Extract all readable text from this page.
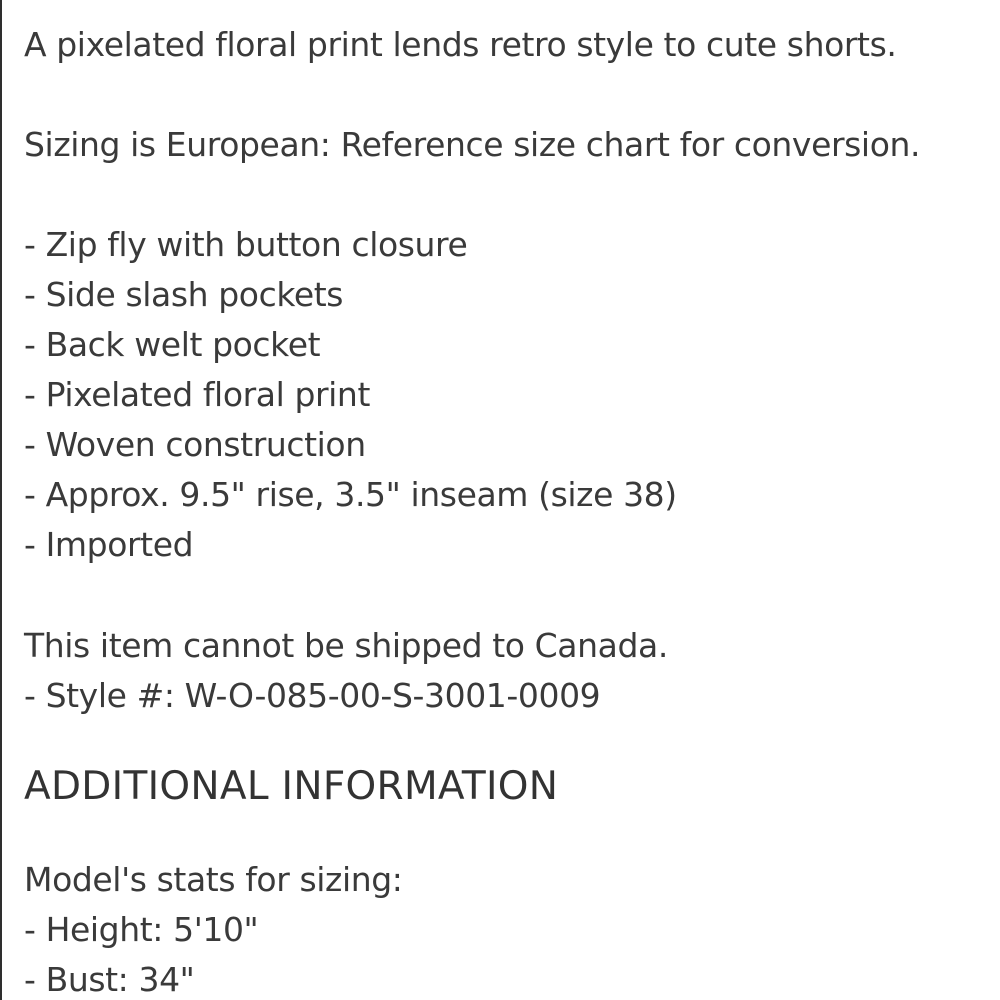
A pixelated floral print lends retro style to cute shorts.
Sizing is European: Reference size chart for conversion.
- Zip fly with button closure
- Side slash pockets
- Back welt pocket
- Pixelated floral print
- Woven construction
- Approx. 9.5" rise, 3.5" inseam (size 38)
- Imported
This item cannot be shipped to Canada.
- Style #: W-O-085-00-S-3001-0009
ADDITIONAL INFORMATION
Model's stats for sizing:
- Height: 5'10"
- Bust: 34"
